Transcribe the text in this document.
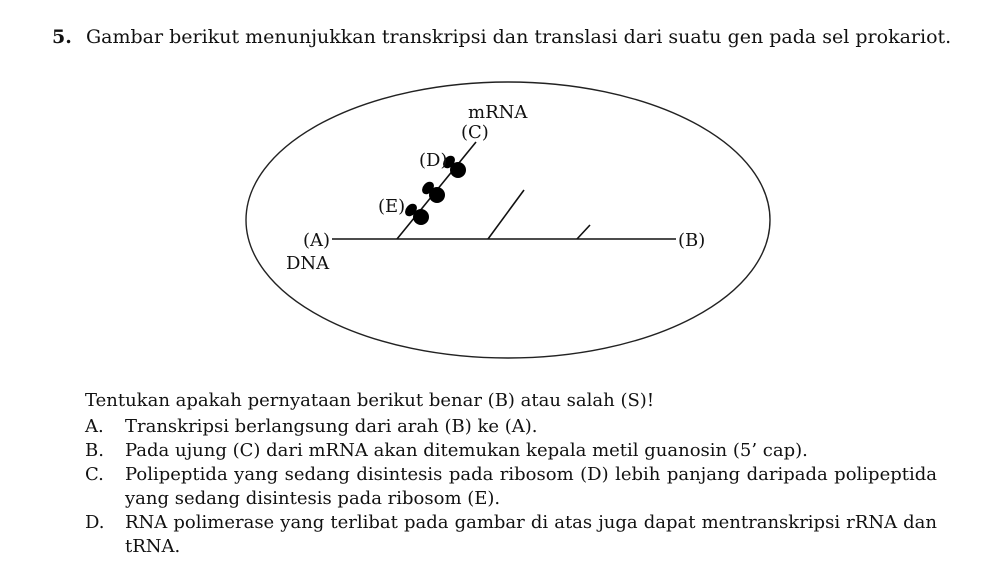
5. Gambar berikut menunjukkan transkripsi dan translasi dari suatu gen pada sel prokariot.
mRNA
(C)
(D)
(E)
(A)
DNA
(B)
Tentukan apakah pernyataan berikut benar (B) atau salah (S)!
A.	Transkripsi berlangsung dari arah (B) ke (A).
B.	Pada ujung (C) dari mRNA akan ditemukan kepala metil guanosin (5’ cap).
C.	Polipeptida yang sedang disintesis pada ribosom (D) lebih panjang daripada polipeptida yang sedang disintesis pada ribosom (E).
D.	RNA polimerase yang terlibat pada gambar di atas juga dapat mentranskripsi rRNA dan tRNA.
